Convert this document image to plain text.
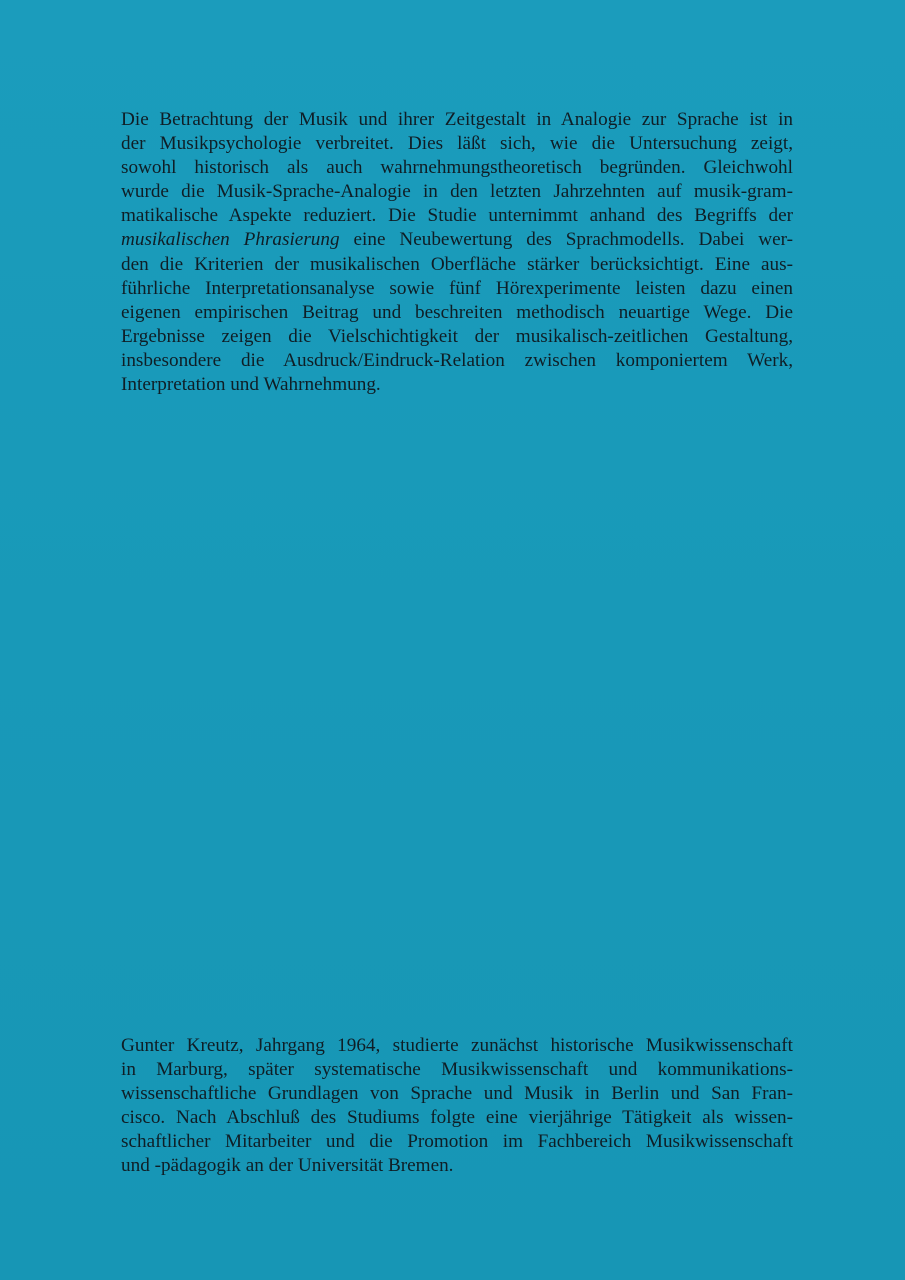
Die Betrachtung der Musik und ihrer Zeitgestalt in Analogie zur Sprache ist in
der Musikpsychologie verbreitet. Dies läßt sich, wie die Untersuchung zeigt,
sowohl historisch als auch wahrnehmungstheoretisch begründen. Gleichwohl
wurde die Musik-Sprache-Analogie in den letzten Jahrzehnten auf musik-gram-
matikalische Aspekte reduziert. Die Studie unternimmt anhand des Begriffs der
musikalischen Phrasierung eine Neubewertung des Sprachmodells. Dabei wer-
den die Kriterien der musikalischen Oberfläche stärker berücksichtigt. Eine aus-
führliche Interpretationsanalyse sowie fünf Hörexperimente leisten dazu einen
eigenen empirischen Beitrag und beschreiten methodisch neuartige Wege. Die
Ergebnisse zeigen die Vielschichtigkeit der musikalisch-zeitlichen Gestaltung,
insbesondere die Ausdruck/Eindruck-Relation zwischen komponiertem Werk,
Interpretation und Wahrnehmung.
Gunter Kreutz, Jahrgang 1964, studierte zunächst historische Musikwissenschaft
in Marburg, später systematische Musikwissenschaft und kommunikations-
wissenschaftliche Grundlagen von Sprache und Musik in Berlin und San Fran-
cisco. Nach Abschluß des Studiums folgte eine vierjährige Tätigkeit als wissen-
schaftlicher Mitarbeiter und die Promotion im Fachbereich Musikwissenschaft
und -pädagogik an der Universität Bremen.
